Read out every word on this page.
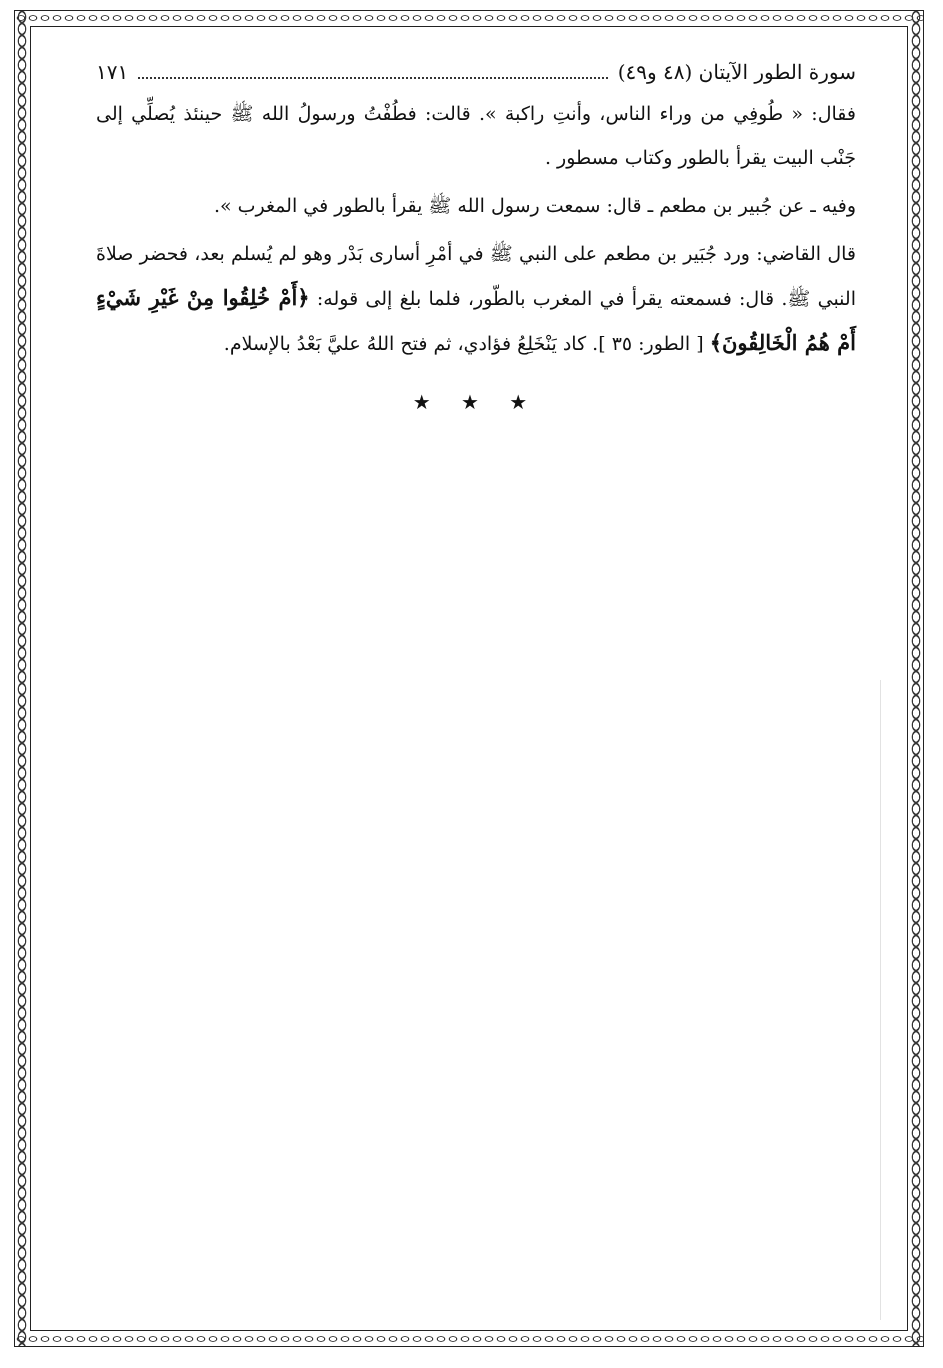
سورة الطور الآيتان (٤٨ و٤٩)
١٧١

فقال: « طُوفِي من وراء الناس، وأنتِ راكبة ». قالت: فطُفْتُ ورسولُ الله ﷺ حينئذ يُصلِّي إلى جَنْب البيت يقرأ بالطور وكتاب مسطور .

وفيه ـ عن جُبير بن مطعم ـ قال: سمعت رسول الله ﷺ يقرأ بالطور في المغرب ».

قال القاضي: ورد جُبَير بن مطعم على النبي ﷺ في أمْرِ أسارى بَدْر وهو لم يُسلم بعد، فحضر صلاةَ النبي ﷺ. قال: فسمعته يقرأ في المغرب بالطّور، فلما بلغ إلى قوله: ﴿أَمْ خُلِقُوا مِنْ غَيْرِ شَيْءٍ أَمْ هُمُ الْخَالِقُونَ﴾ [ الطور: ٣٥ ]. كاد يَنْخَلِعُ فؤادي، ثم فتح اللهُ عليَّ بَعْدُ بالإسلام.

★ ★ ★
